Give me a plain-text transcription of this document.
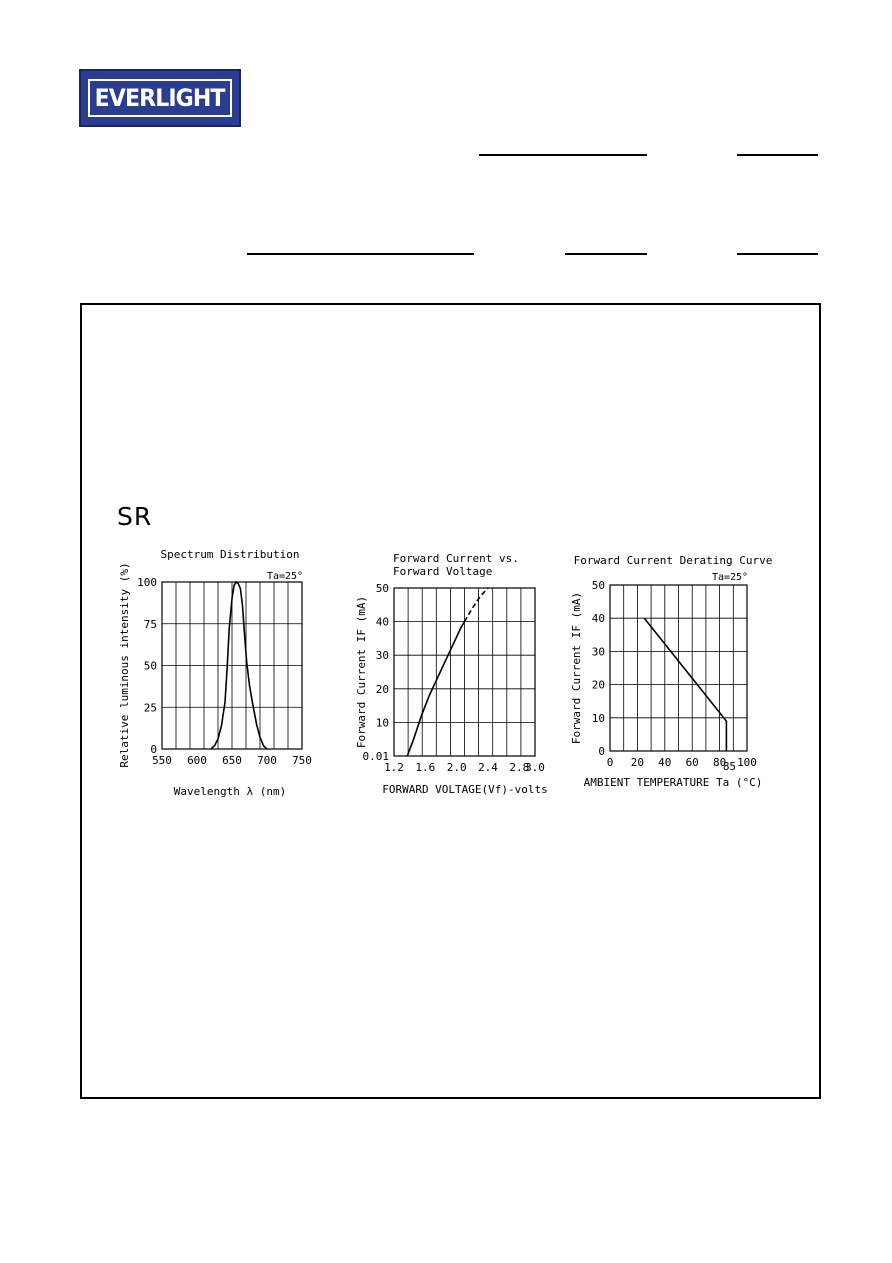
EVERLIGHT
SR
Spectrum Distribution
Ta=25°
550 600 650 700 750
0
25
50
75
100
Wavelength λ (nm)
Relative luminous intensity (%)
Forward Current vs. Forward Voltage
1.2 1.6 2.0 2.4 2.8
3.0
0.01
10
20
30
40
50
FORWARD VOLTAGE(Vf)-volts
Forward Current IF (mA)
Forward Current Derating Curve
Ta=25°
0 20 40 60 80 100
0
10
20
30
40
50
85
AMBIENT TEMPERATURE Ta (°C)
Forward Current IF (mA)
